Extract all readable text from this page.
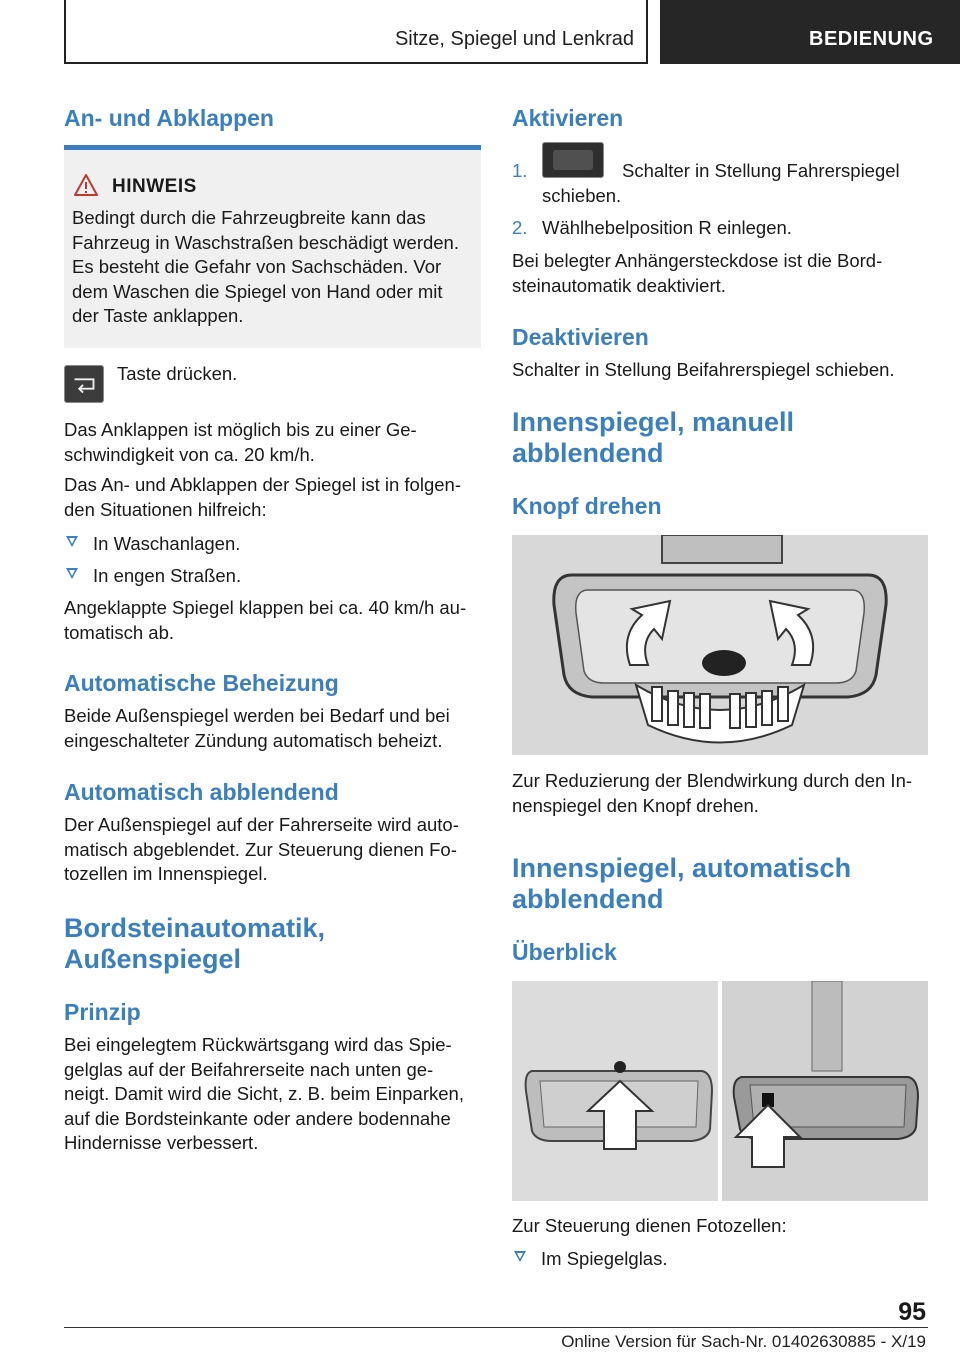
Sitze, Spiegel und Lenkrad	BEDIENUNG
An- und Abklappen
HINWEIS
Bedingt durch die Fahrzeugbreite kann das Fahrzeug in Waschstraßen beschädigt werden. Es besteht die Gefahr von Sachschäden. Vor dem Waschen die Spiegel von Hand oder mit der Taste anklappen.
Taste drücken.
Das Anklappen ist möglich bis zu einer Ge- schwindigkeit von ca. 20 km/h.
Das An- und Abklappen der Spiegel ist in folgen- den Situationen hilfreich:
In Waschanlagen.
In engen Straßen.
Angeklappte Spiegel klappen bei ca. 40 km/h au- tomatisch ab.
Automatische Beheizung
Beide Außenspiegel werden bei Bedarf und bei eingeschalteter Zündung automatisch beheizt.
Automatisch abblendend
Der Außenspiegel auf der Fahrerseite wird auto- matisch abgeblendet. Zur Steuerung dienen Fo- tozellen im Innenspiegel.
Bordsteinautomatik,
Außenspiegel
Prinzip
Bei eingelegtem Rückwärtsgang wird das Spie- gelglas auf der Beifahrerseite nach unten ge- neigt. Damit wird die Sicht, z. B. beim Einparken, auf die Bordsteinkante oder andere bodennahe Hindernisse verbessert.
Aktivieren
1.	Schalter in Stellung Fahrerspiegel
schieben.
2. Wählhebelposition R einlegen.
Bei belegter Anhängersteckdose ist die Bord- steinautomatik deaktiviert.
Deaktivieren
Schalter in Stellung Beifahrerspiegel schieben.
Innenspiegel, manuell
abblendend
Knopf drehen
Zur Reduzierung der Blendwirkung durch den In- nenspiegel den Knopf drehen.
Innenspiegel, automatisch
abblendend
Überblick
Zur Steuerung dienen Fotozellen:
Im Spiegelglas.
95
Online Version für Sach-Nr. 01402630885 - X/19
